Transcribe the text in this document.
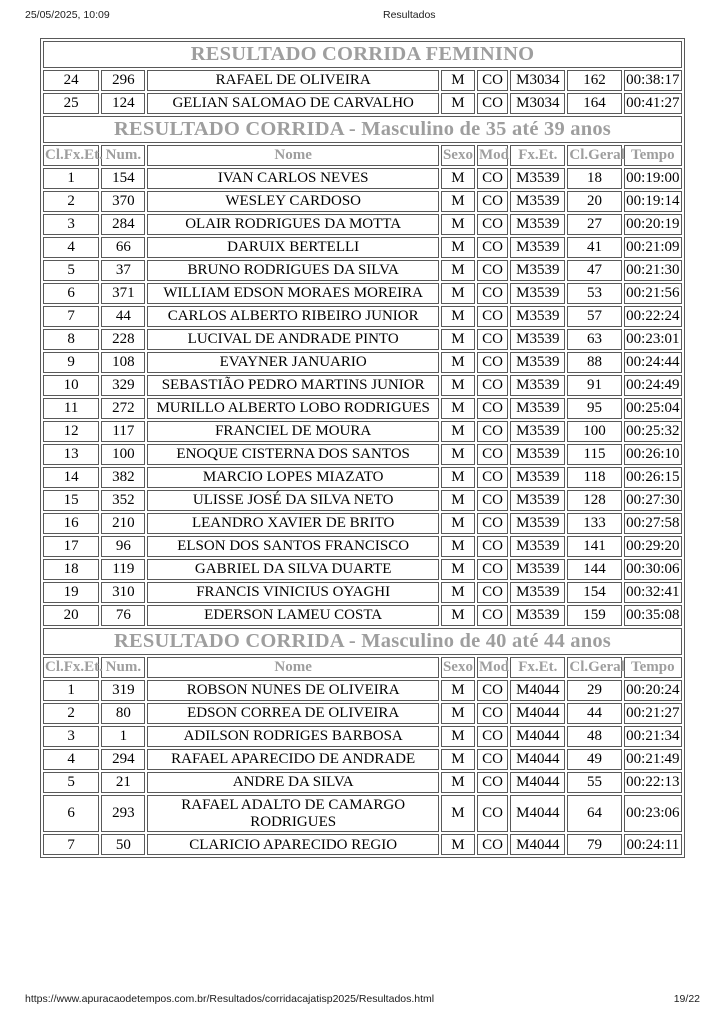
25/05/2025, 10:09	Resultados
RESULTADO CORRIDA FEMININO							
24	296	RAFAEL DE OLIVEIRA	M	CO	M3034	162	00:38:17
25	124	GELIAN SALOMAO DE CARVALHO	M	CO	M3034	164	00:41:27
RESULTADO CORRIDA - Masculino de 35 até 39 anos							
Cl.Fx.Et.	Num.	Nome	Sexo	Mod	Fx.Et.	Cl.Geral	Tempo
1	154	IVAN CARLOS NEVES	M	CO	M3539	18	00:19:00
2	370	WESLEY CARDOSO	M	CO	M3539	20	00:19:14
3	284	OLAIR RODRIGUES DA MOTTA	M	CO	M3539	27	00:20:19
4	66	DARUIX BERTELLI	M	CO	M3539	41	00:21:09
5	37	BRUNO RODRIGUES DA SILVA	M	CO	M3539	47	00:21:30
6	371	WILLIAM EDSON MORAES MOREIRA	M	CO	M3539	53	00:21:56
7	44	CARLOS ALBERTO RIBEIRO JUNIOR	M	CO	M3539	57	00:22:24
8	228	LUCIVAL DE ANDRADE PINTO	M	CO	M3539	63	00:23:01
9	108	EVAYNER JANUARIO	M	CO	M3539	88	00:24:44
10	329	SEBASTIÃO PEDRO MARTINS JUNIOR	M	CO	M3539	91	00:24:49
11	272	MURILLO ALBERTO LOBO RODRIGUES	M	CO	M3539	95	00:25:04
12	117	FRANCIEL DE MOURA	M	CO	M3539	100	00:25:32
13	100	ENOQUE CISTERNA DOS SANTOS	M	CO	M3539	115	00:26:10
14	382	MARCIO LOPES MIAZATO	M	CO	M3539	118	00:26:15
15	352	ULISSE JOSÉ DA SILVA NETO	M	CO	M3539	128	00:27:30
16	210	LEANDRO XAVIER DE BRITO	M	CO	M3539	133	00:27:58
17	96	ELSON DOS SANTOS FRANCISCO	M	CO	M3539	141	00:29:20
18	119	GABRIEL DA SILVA DUARTE	M	CO	M3539	144	00:30:06
19	310	FRANCIS VINICIUS OYAGHI	M	CO	M3539	154	00:32:41
20	76	EDERSON LAMEU COSTA	M	CO	M3539	159	00:35:08
RESULTADO CORRIDA - Masculino de 40 até 44 anos							
Cl.Fx.Et.	Num.	Nome	Sexo	Mod	Fx.Et.	Cl.Geral	Tempo
1	319	ROBSON NUNES DE OLIVEIRA	M	CO	M4044	29	00:20:24
2	80	EDSON CORREA DE OLIVEIRA	M	CO	M4044	44	00:21:27
3	1	ADILSON RODRIGES BARBOSA	M	CO	M4044	48	00:21:34
4	294	RAFAEL APARECIDO DE ANDRADE	M	CO	M4044	49	00:21:49
5	21	ANDRE DA SILVA	M	CO	M4044	55	00:22:13
6	293	RAFAEL ADALTO DE CAMARGO RODRIGUES	M	CO	M4044	64	00:23:06
7	50	CLARICIO APARECIDO REGIO	M	CO	M4044	79	00:24:11
https://www.apuracaodetempos.com.br/Resultados/corridacajatisp2025/Resultados.html	19/22
